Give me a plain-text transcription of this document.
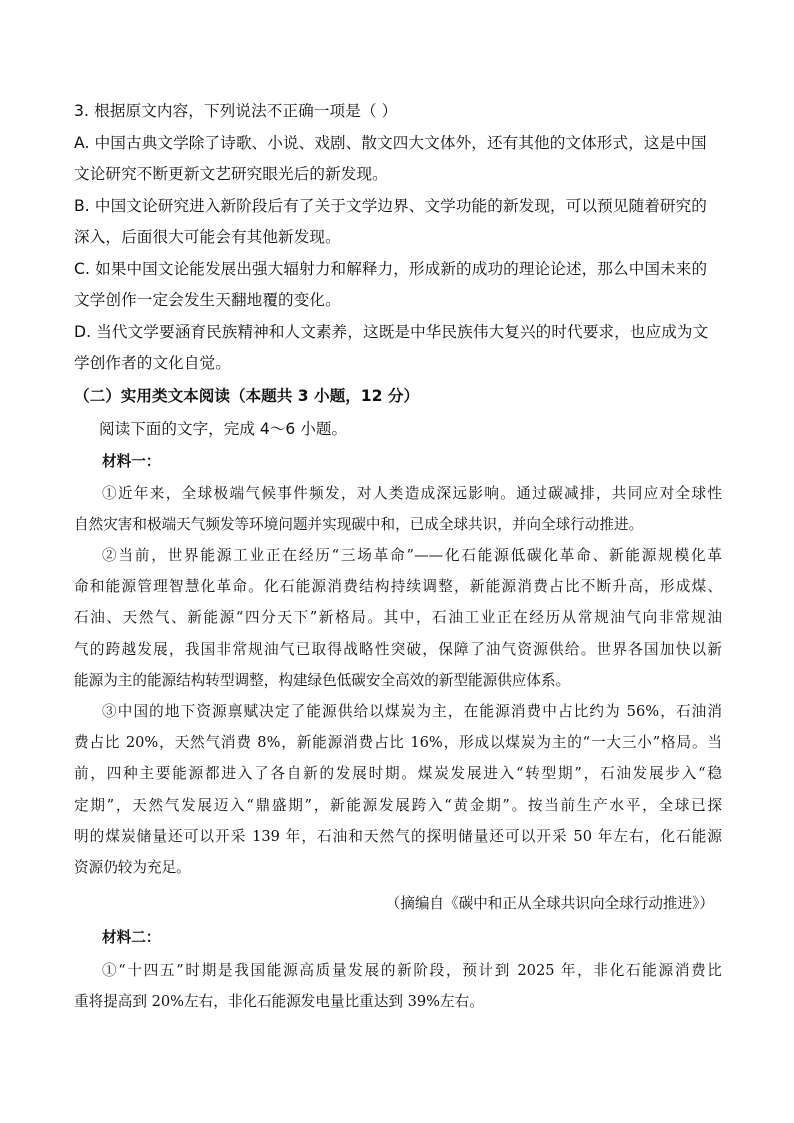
3. 根据原文内容，下列说法不正确一项是（ ）
A. 中国古典文学除了诗歌、小说、戏剧、散文四大文体外，还有其他的文体形式，这是中国
文论研究不断更新文艺研究眼光后的新发现。
B. 中国文论研究进入新阶段后有了关于文学边界、文学功能的新发现，可以预见随着研究的
深入，后面很大可能会有其他新发现。
C. 如果中国文论能发展出强大辐射力和解释力，形成新的成功的理论论述，那么中国未来的
文学创作一定会发生天翻地覆的变化。
D. 当代文学要涵育民族精神和人文素养，这既是中华民族伟大复兴的时代要求，也应成为文
学创作者的文化自觉。
（二）实用类文本阅读（本题共 3 小题，12 分）
阅读下面的文字，完成 4～6 小题。
材料一：
①近年来，全球极端气候事件频发，对人类造成深远影响。通过碳减排，共同应对全球性
自然灾害和极端天气频发等环境问题并实现碳中和，已成全球共识，并向全球行动推进。
②当前，世界能源工业正在经历“三场革命”——化石能源低碳化革命、新能源规模化革
命和能源管理智慧化革命。化石能源消费结构持续调整，新能源消费占比不断升高，形成煤、
石油、天然气、新能源“四分天下”新格局。其中，石油工业正在经历从常规油气向非常规油
气的跨越发展，我国非常规油气已取得战略性突破，保障了油气资源供给。世界各国加快以新
能源为主的能源结构转型调整，构建绿色低碳安全高效的新型能源供应体系。
③中国的地下资源禀赋决定了能源供给以煤炭为主，在能源消费中占比约为 56%，石油消
费占比 20%，天然气消费 8%，新能源消费占比 16%，形成以煤炭为主的“一大三小”格局。当
前，四种主要能源都进入了各自新的发展时期。煤炭发展进入“转型期”，石油发展步入“稳
定期”，天然气发展迈入“鼎盛期”，新能源发展跨入“黄金期”。按当前生产水平，全球已探
明的煤炭储量还可以开采 139 年，石油和天然气的探明储量还可以开采 50 年左右，化石能源
资源仍较为充足。
（摘编自《碳中和正从全球共识向全球行动推进》）
材料二：
①“十四五”时期是我国能源高质量发展的新阶段，预计到 2025 年，非化石能源消费比
重将提高到 20%左右，非化石能源发电量比重达到 39%左右。
